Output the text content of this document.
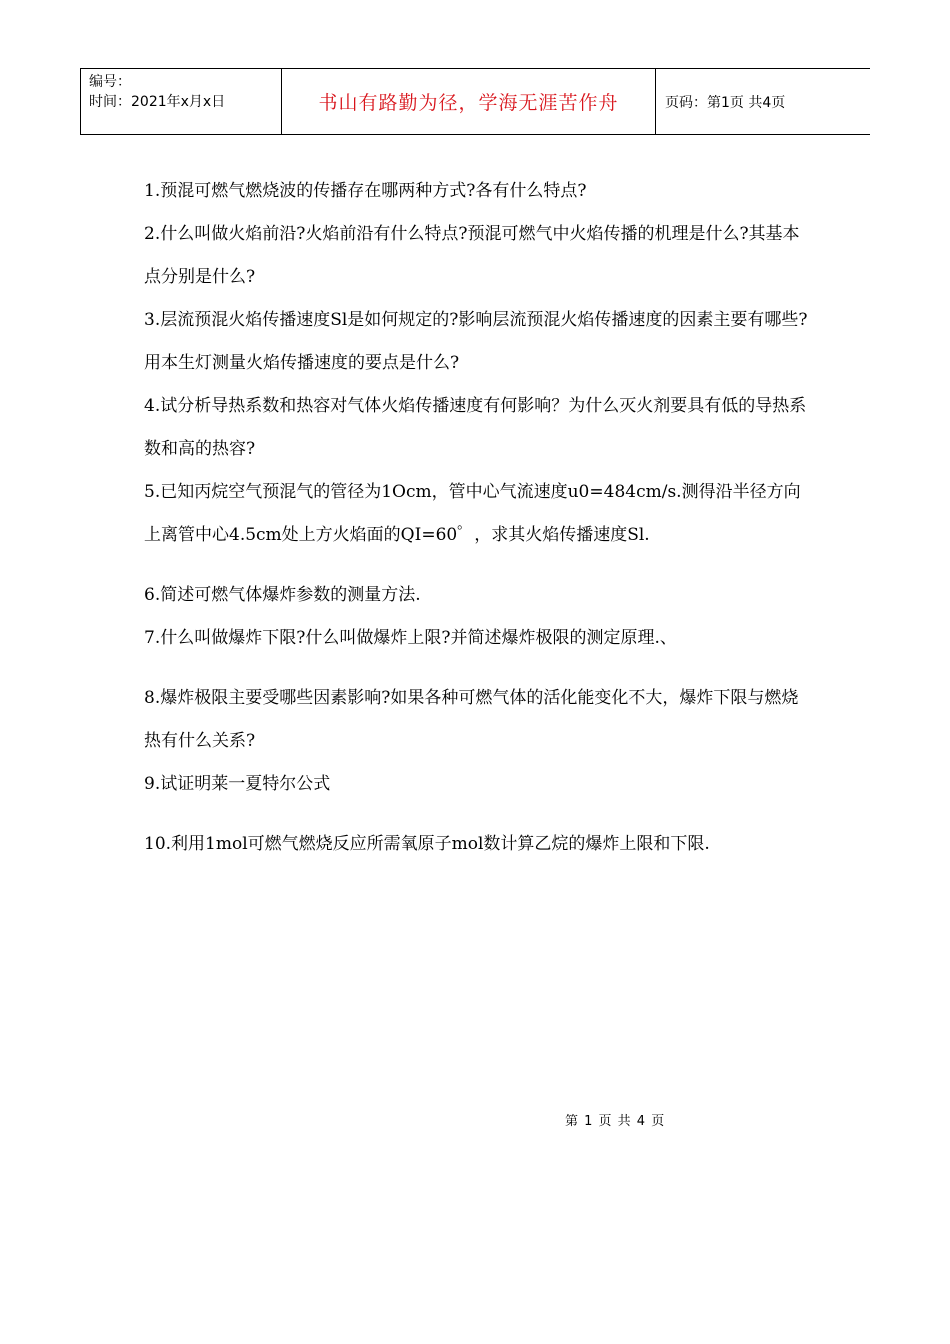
编号：
时间：2021年x月x日	书山有路勤为径，学海无涯苦作舟	页码：第1页 共4页

1.预混可燃气燃烧波的传播存在哪两种方式?各有什么特点?

2.什么叫做火焰前沿?火焰前沿有什么特点?预混可燃气中火焰传播的机理是什么?其基本点分别是什么?

3.层流预混火焰传播速度Sl是如何规定的?影响层流预混火焰传播速度的因素主要有哪些?用本生灯测量火焰传播速度的要点是什么?

4.试分析导热系数和热容对气体火焰传播速度有何影响？为什么灭火剂要具有低的导热系数和高的热容?

5.已知丙烷空气预混气的管径为1Ocm，管中心气流速度u0=484cm/s.测得沿半径方向上离管中心4.5cm处上方火焰面的QI=60゜，求其火焰传播速度Sl.

6.简述可燃气体爆炸参数的测量方法.

7.什么叫做爆炸下限?什么叫做爆炸上限?并简述爆炸极限的测定原理.、

8.爆炸极限主要受哪些因素影响?如果各种可燃气体的活化能变化不大，爆炸下限与燃烧热有什么关系?

9.试证明莱一夏特尔公式

10.利用1mol可燃气燃烧反应所需氧原子mol数计算乙烷的爆炸上限和下限.

第 1 页 共 4 页
